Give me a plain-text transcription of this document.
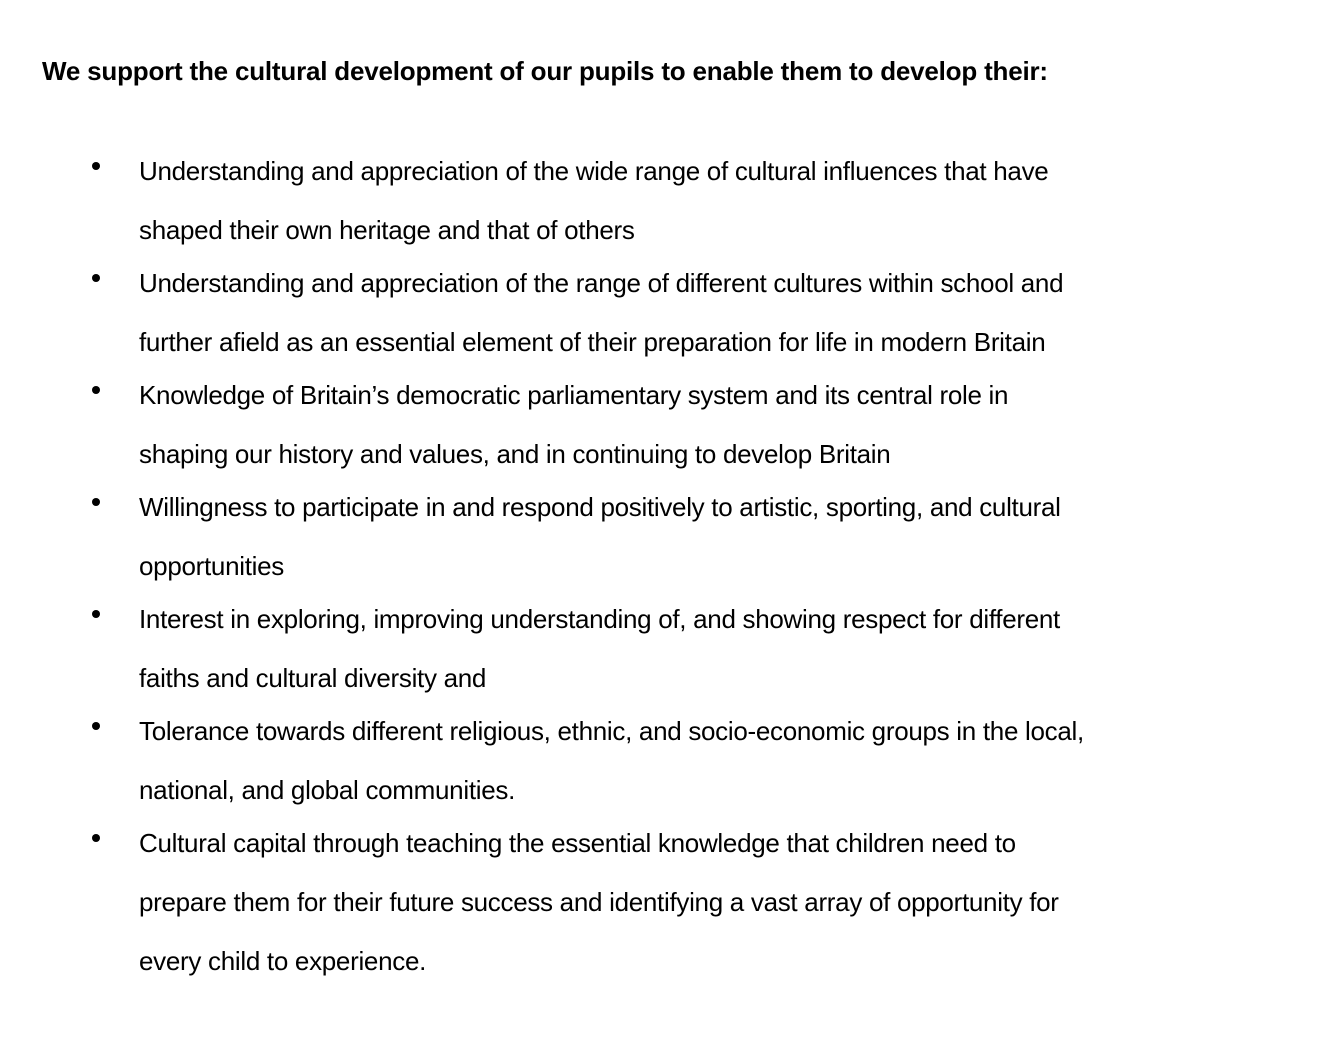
We support the cultural development of our pupils to enable them to develop their:
Understanding and appreciation of the wide range of cultural influences that have
shaped their own heritage and that of others
Understanding and appreciation of the range of different cultures within school and
further afield as an essential element of their preparation for life in modern Britain
Knowledge of Britain’s democratic parliamentary system and its central role in
shaping our history and values, and in continuing to develop Britain
Willingness to participate in and respond positively to artistic, sporting, and cultural
opportunities
Interest in exploring, improving understanding of, and showing respect for different
faiths and cultural diversity and
Tolerance towards different religious, ethnic, and socio-economic groups in the local,
national, and global communities.
Cultural capital through teaching the essential knowledge that children need to
prepare them for their future success and identifying a vast array of opportunity for
every child to experience.
